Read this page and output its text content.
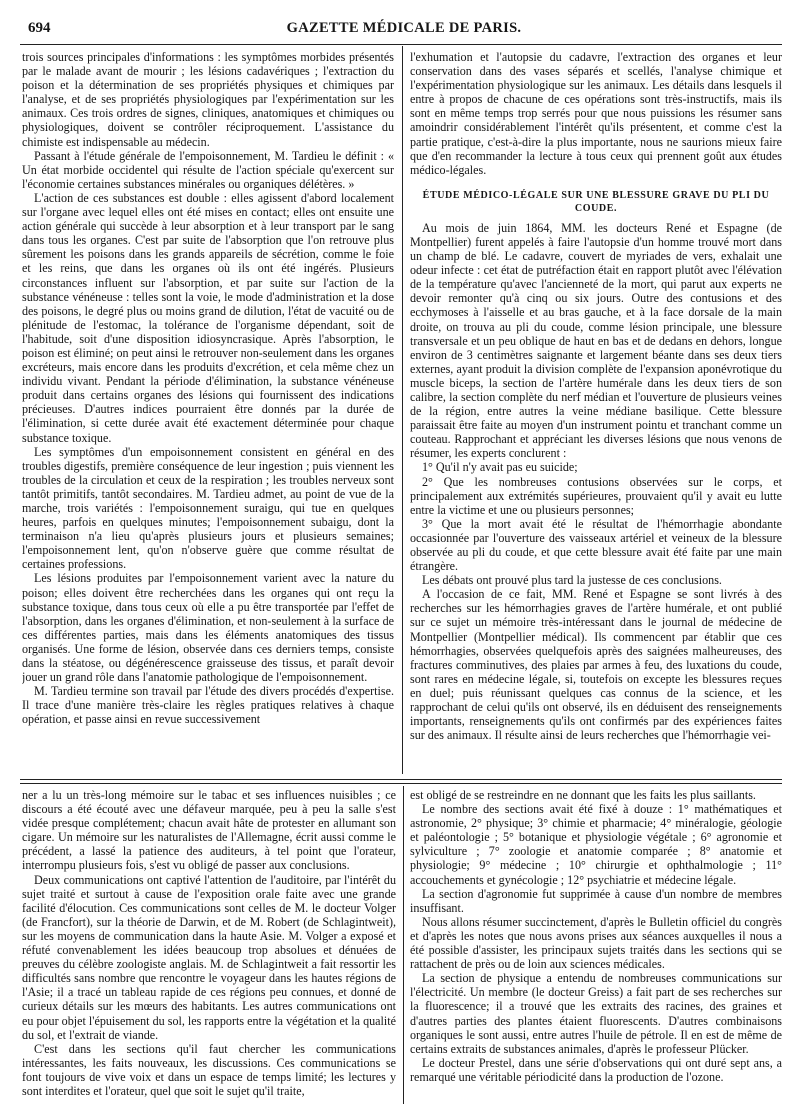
694	GAZETTE MÉDICALE DE PARIS.

trois sources principales d'informations : les symptômes morbides présentés par le malade avant de mourir ; les lésions cadavériques ; l'extraction du poison et la détermination de ses propriétés physiques et chimiques par l'analyse, et de ses propriétés physiologiques par l'expérimentation sur les animaux. Ces trois ordres de signes, cliniques, anatomiques et chimiques ou physiologiques, doivent se contrôler réciproquement. L'assistance du chimiste est indispensable au médecin.

Passant à l'étude générale de l'empoisonnement, M. Tardieu le définit : « Un état morbide occidentel qui résulte de l'action spéciale qu'exercent sur l'économie certaines substances minérales ou organiques délétères. »

L'action de ces substances est double : elles agissent d'abord localement sur l'organe avec lequel elles ont été mises en contact; elles ont ensuite une action générale qui succède à leur absorption et à leur transport par le sang dans tous les organes. C'est par suite de l'absorption que l'on retrouve plus sûrement les poisons dans les grands appareils de sécrétion, comme le foie et les reins, que dans les organes où ils ont été ingérés. Plusieurs circonstances influent sur l'absorption, et par suite sur l'action de la substance vénéneuse : telles sont la voie, le mode d'administration et la dose des poisons, le degré plus ou moins grand de dilution, l'état de vacuité ou de plénitude de l'estomac, la tolérance de l'organisme dépendant, soit de l'habitude, soit d'une disposition idiosyncrasique. Après l'absorption, le poison est éliminé; on peut ainsi le retrouver non-seulement dans les organes excréteurs, mais encore dans les produits d'excrétion, et cela même chez un individu vivant. Pendant la période d'élimination, la substance vénéneuse produit dans certains organes des lésions qui fournissent des indications précieuses. D'autres indices pourraient être donnés par la durée de l'élimination, si cette durée avait été exactement déterminée pour chaque substance toxique.

Les symptômes d'un empoisonnement consistent en général en des troubles digestifs, première conséquence de leur ingestion ; puis viennent les troubles de la circulation et ceux de la respiration ; les troubles nerveux sont tantôt primitifs, tantôt secondaires. M. Tardieu admet, au point de vue de la marche, trois variétés : l'empoisonnement suraigu, qui tue en quelques heures, parfois en quelques minutes; l'empoisonnement subaigu, dont la terminaison n'a lieu qu'après plusieurs jours et plusieurs semaines; l'empoisonnement lent, qu'on n'observe guère que comme résultat de certaines professions.

Les lésions produites par l'empoisonnement varient avec la nature du poison; elles doivent être recherchées dans les organes qui ont reçu la substance toxique, dans tous ceux où elle a pu être transportée par l'effet de l'absorption, dans les organes d'élimination, et non-seulement à la surface de ces différentes parties, mais dans les éléments anatomiques des tissus organisés. Une forme de lésion, observée dans ces derniers temps, consiste dans la stéatose, ou dégénérescence graisseuse des tissus, et paraît devoir jouer un grand rôle dans l'anatomie pathologique de l'empoisonnement.

M. Tardieu termine son travail par l'étude des divers procédés d'expertise. Il trace d'une manière très-claire les règles pratiques relatives à chaque opération, et passe ainsi en revue successivement

l'exhumation et l'autopsie du cadavre, l'extraction des organes et leur conservation dans des vases séparés et scellés, l'analyse chimique et l'expérimentation physiologique sur les animaux. Les détails dans lesquels il entre à propos de chacune de ces opérations sont très-instructifs, mais ils sont en même temps trop serrés pour que nous puissions les résumer sans amoindrir considérablement l'intérêt qu'ils présentent, et comme c'est la partie pratique, c'est-à-dire la plus importante, nous ne saurions mieux faire que d'en recommander la lecture à tous ceux qui prennent goût aux études médico-légales.

ÉTUDE MÉDICO-LÉGALE SUR UNE BLESSURE GRAVE DU PLI DU COUDE.

Au mois de juin 1864, MM. les docteurs René et Espagne (de Montpellier) furent appelés à faire l'autopsie d'un homme trouvé mort dans un champ de blé. Le cadavre, couvert de myriades de vers, exhalait une odeur infecte : cet état de putréfaction était en rapport plutôt avec l'élévation de la température qu'avec l'ancienneté de la mort, qui parut aux experts ne devoir remonter qu'à cinq ou six jours. Outre des contusions et des ecchymoses à l'aisselle et au bras gauche, et à la face dorsale de la main droite, on trouva au pli du coude, comme lésion principale, une blessure transversale et un peu oblique de haut en bas et de dedans en dehors, longue environ de 3 centimètres saignante et largement béante dans ses deux tiers externes, ayant produit la division complète de l'expansion aponévrotique du muscle biceps, la section de l'artère humérale dans les deux tiers de son calibre, la section complète du nerf médian et l'ouverture de plusieurs veines de la région, entre autres la veine médiane basilique. Cette blessure paraissait être faite au moyen d'un instrument pointu et tranchant comme un couteau. Rapprochant et appréciant les diverses lésions que nous venons de résumer, les experts conclurent :

1° Qu'il n'y avait pas eu suicide;

2° Que les nombreuses contusions observées sur le corps, et principalement aux extrémités supérieures, prouvaient qu'il y avait eu lutte entre la victime et une ou plusieurs personnes;

3° Que la mort avait été le résultat de l'hémorrhagie abondante occasionnée par l'ouverture des vaisseaux artériel et veineux de la blessure observée au pli du coude, et que cette blessure avait été faite par une main étrangère.

Les débats ont prouvé plus tard la justesse de ces conclusions.

A l'occasion de ce fait, MM. René et Espagne se sont livrés à des recherches sur les hémorrhagies graves de l'artère humérale, et ont publié sur ce sujet un mémoire très-intéressant dans le journal de médecine de Montpellier (Montpellier médical). Ils commencent par établir que ces hémorrhagies, observées quelquefois après des saignées malheureuses, des fractures comminutives, des plaies par armes à feu, des luxations du coude, sont rares en médecine légale, si, toutefois on excepte les blessures reçues en duel; puis réunissant quelques cas connus de la science, et les rapprochant de celui qu'ils ont observé, ils en déduisent des renseignements importants, renseignements qu'ils ont confirmés par des expériences faites sur des animaux. Il résulte ainsi de leurs recherches que l'hémorrhagie vei-

ner a lu un très-long mémoire sur le tabac et ses influences nuisibles ; ce discours a été écouté avec une défaveur marquée, peu à peu la salle s'est vidée presque complétement; chacun avait hâte de protester en allumant son cigare. Un mémoire sur les naturalistes de l'Allemagne, écrit aussi comme le précédent, a lassé la patience des auditeurs, à tel point que l'orateur, interrompu plusieurs fois, s'est vu obligé de passer aux conclusions.

Deux communications ont captivé l'attention de l'auditoire, par l'intérêt du sujet traité et surtout à cause de l'exposition orale faite avec une grande facilité d'élocution. Ces communications sont celles de M. le docteur Volger (de Francfort), sur la théorie de Darwin, et de M. Robert (de Schlagintweit), sur les moyens de communication dans la haute Asie. M. Volger a exposé et réfuté convenablement les idées beaucoup trop absolues et dénuées de preuves du célèbre zoologiste anglais. M. de Schlagintweit a fait ressortir les difficultés sans nombre que rencontre le voyageur dans les hautes régions de l'Asie; il a tracé un tableau rapide de ces régions peu connues, et donné de curieux détails sur les mœurs des habitants. Les autres communications ont eu pour objet l'épuisement du sol, les rapports entre la végétation et la qualité du sol, et l'extrait de viande.

C'est dans les sections qu'il faut chercher les communications intéressantes, les faits nouveaux, les discussions. Ces communications se font toujours de vive voix et dans un espace de temps limité; les lectures y sont interdites et l'orateur, quel que soit le sujet qu'il traite,

est obligé de se restreindre en ne donnant que les faits les plus saillants.

Le nombre des sections avait été fixé à douze : 1° mathématiques et astronomie, 2° physique; 3° chimie et pharmacie; 4° minéralogie, géologie et paléontologie ; 5° botanique et physiologie végétale ; 6° agronomie et sylviculture ; 7° zoologie et anatomie comparée ; 8° anatomie et physiologie; 9° médecine ; 10° chirurgie et ophthalmologie ; 11° accouchements et gynécologie ; 12° psychiatrie et médecine légale.

La section d'agronomie fut supprimée à cause d'un nombre de membres insuffisant.

Nous allons résumer succinctement, d'après le Bulletin officiel du congrès et d'après les notes que nous avons prises aux séances auxquelles il nous a été possible d'assister, les principaux sujets traités dans les sections qui se rattachent de près ou de loin aux sciences médicales.

La section de physique a entendu de nombreuses communications sur l'électricité. Un membre (le docteur Greiss) a fait part de ses recherches sur la fluorescence; il a trouvé que les extraits des racines, des graines et d'autres parties des plantes étaient fluorescents. D'autres combinaisons organiques le sont aussi, entre autres l'huile de pétrole. Il en est de même de certains extraits de substances animales, d'après le professeur Plücker.

Le docteur Prestel, dans une série d'observations qui ont duré sept ans, a remarqué une véritable périodicité dans la production de l'ozone.
